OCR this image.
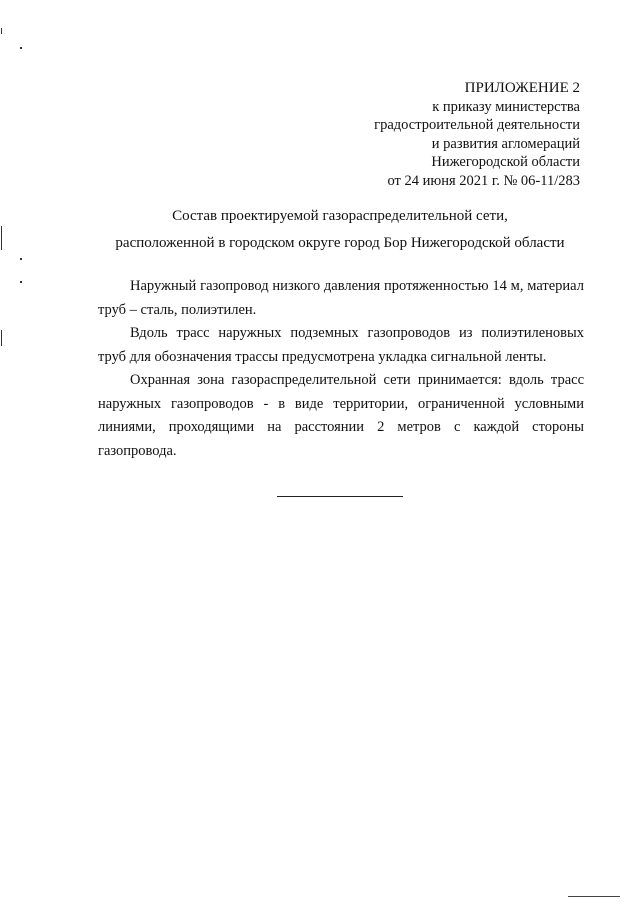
ПРИЛОЖЕНИЕ 2
к приказу министерства
градостроительной деятельности
и развития агломераций
Нижегородской области
от 24 июня 2021 г. № 06-11/283
Состав проектируемой газораспределительной сети,
расположенной в городском округе город Бор Нижегородской области

Наружный газопровод низкого давления протяженностью 14 м, материал труб – сталь, полиэтилен.

Вдоль трасс наружных подземных газопроводов из полиэтиленовых труб для обозначения трассы предусмотрена укладка сигнальной ленты.

Охранная зона газораспределительной сети принимается: вдоль трасс наружных газопроводов - в виде территории, ограниченной условными линиями, проходящими на расстоянии 2 метров с каждой стороны газопровода.
